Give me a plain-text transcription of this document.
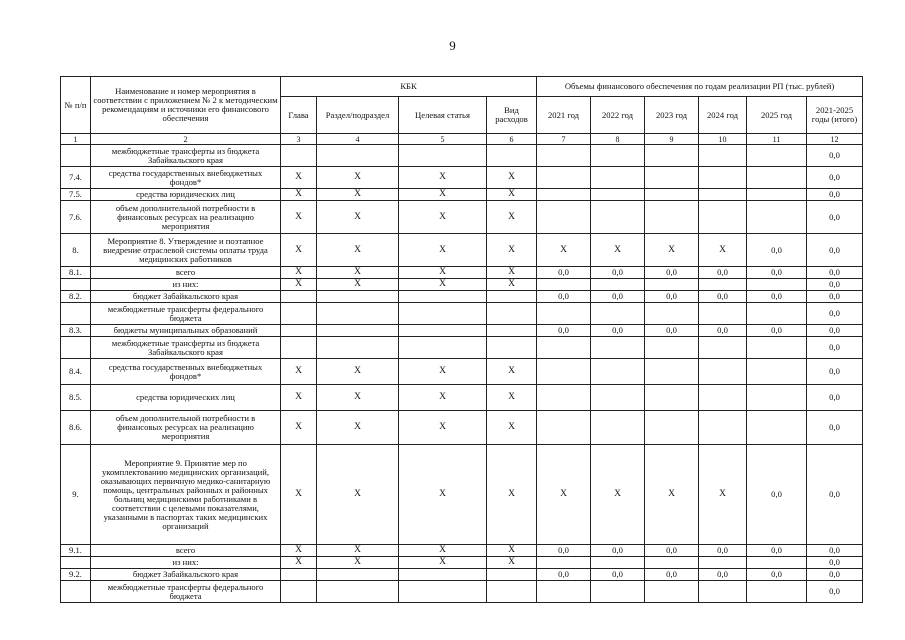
9
№ п/п	Наименование и номер мероприятия в соответствии с приложением № 2 к методическим рекомендациям и источники его финансового обеспечения	КБК				Объемы финансового обеспечения по годам реализации РП (тыс. рублей)					
		Глава	Раздел/подраздел	Целевая статья	Вид расходов	2021 год	2022 год	2023 год	2024 год	2025 год	2021-2025 годы (итого)
1	2	3	4	5	6	7	8	9	10	11	12
	межбюджетные трансферты из бюджета Забайкальского края										0,0
7.4.	средства государственных внебюджетных фондов*	X	X	X	X						0,0
7.5.	средства юридических лиц	X	X	X	X						0,0
7.6.	объем дополнительной потребности в финансовых ресурсах на реализацию мероприятия	X	X	X	X						0,0
8.	Мероприятие 8. Утверждение и поэтапное внедрение отраслевой системы оплаты труда медицинских работников	X	X	X	X	X	X	X	X	0,0	0,0
8.1.	всего	X	X	X	X	0,0	0,0	0,0	0,0	0,0	0,0
	из них:	X	X	X	X						0,0
8.2.	бюджет Забайкальского края					0,0	0,0	0,0	0,0	0,0	0,0
	межбюджетные трансферты федерального бюджета										0,0
8.3.	бюджеты муниципальных образований					0,0	0,0	0,0	0,0	0,0	0,0
	межбюджетные трансферты из бюджета Забайкальского края										0,0
8.4.	средства государственных внебюджетных фондов*	X	X	X	X						0,0
8.5.	средства юридических лиц	X	X	X	X						0,0
8.6.	объем дополнительной потребности в финансовых ресурсах на реализацию мероприятия	X	X	X	X						0,0
9.	Мероприятие 9. Принятие мер по укомплектованию медицинских организаций, оказывающих первичную медико-санитарную помощь, центральных районных и районных больниц медицинскими работниками в соответствии с целевыми показателями, указанными в паспортах таких медицинских организаций	X	X	X	X	X	X	X	X	0,0	0,0
9.1.	всего	X	X	X	X	0,0	0,0	0,0	0,0	0,0	0,0
	из них:	X	X	X	X						0,0
9.2.	бюджет Забайкальского края					0,0	0,0	0,0	0,0	0,0	0,0
	межбюджетные трансферты федерального бюджета										0,0
